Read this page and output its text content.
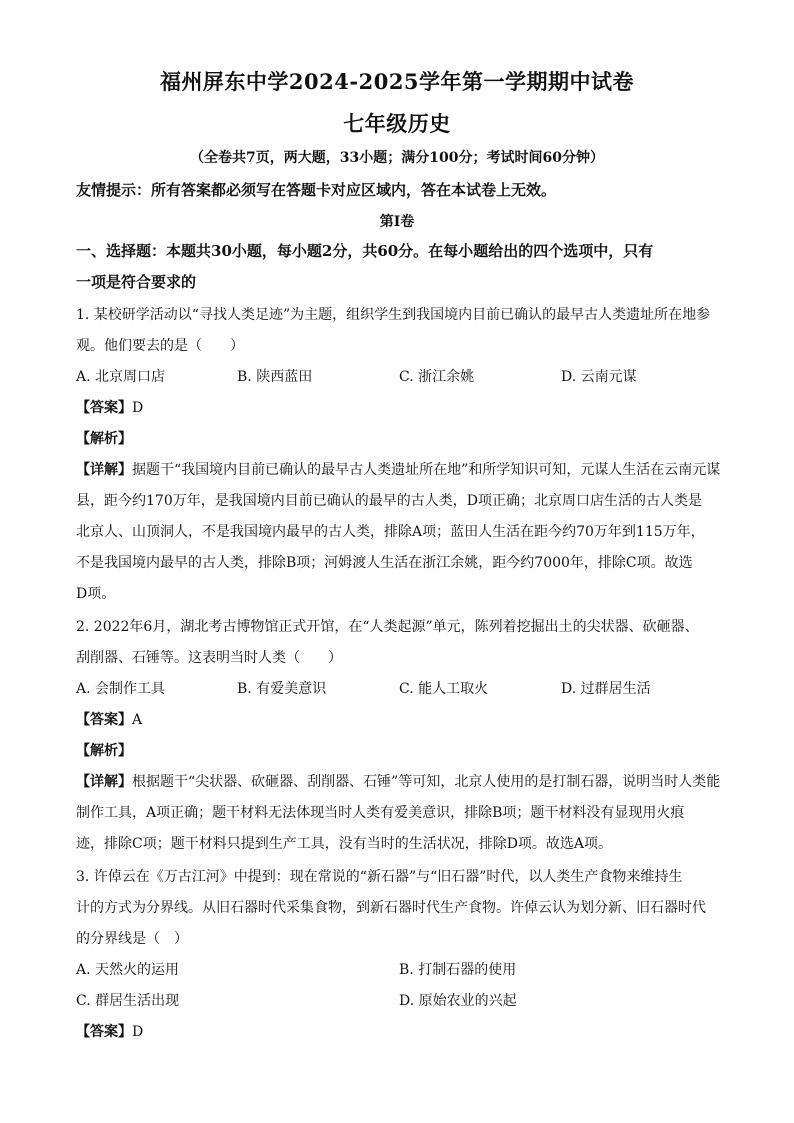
福州屏东中学2024-2025学年第一学期期中试卷
七年级历史
（全卷共7页，两大题，33小题；满分100分；考试时间60分钟）
友情提示：所有答案都必须写在答题卡对应区域内，答在本试卷上无效。
第Ⅰ卷
一、选择题：本题共30小题，每小题2分，共60分。在每小题给出的四个选项中，只有
一项是符合要求的
1. 某校研学活动以“寻找人类足迹”为主题，组织学生到我国境内目前已确认的最早古人类遗址所在地参
观。他们要去的是（　　）
A. 北京周口店	B. 陕西蓝田	C. 浙江余姚	D. 云南元谋
【答案】D
【解析】
【详解】据题干“我国境内目前已确认的最早古人类遗址所在地”和所学知识可知，元谋人生活在云南元谋
县，距今约170万年，是我国境内目前已确认的最早的古人类，D项正确；北京周口店生活的古人类是
北京人、山顶洞人，不是我国境内最早的古人类，排除A项；蓝田人生活在距今约70万年到115万年，
不是我国境内最早的古人类，排除B项；河姆渡人生活在浙江余姚，距今约7000年，排除C项。故选
D项。
2. 2022年6月，湖北考古博物馆正式开馆，在“人类起源”单元，陈列着挖掘出土的尖状器、砍砸器、
刮削器、石锤等。这表明当时人类（　　）
A. 会制作工具	B. 有爱美意识	C. 能人工取火	D. 过群居生活
【答案】A
【解析】
【详解】根据题干“尖状器、砍砸器、刮削器、石锤”等可知，北京人使用的是打制石器，说明当时人类能
制作工具，A项正确；题干材料无法体现当时人类有爱美意识，排除B项；题干材料没有显现用火痕
迹，排除C项；题干材料只提到生产工具，没有当时的生活状况，排除D项。故选A项。
3. 许倬云在《万古江河》中提到：现在常说的“新石器”与“旧石器”时代，以人类生产食物来维持生
计的方式为分界线。从旧石器时代采集食物，到新石器时代生产食物。许倬云认为划分新、旧石器时代
的分界线是（　）
A. 天然火的运用	B. 打制石器的使用
C. 群居生活出现	D. 原始农业的兴起
【答案】D
